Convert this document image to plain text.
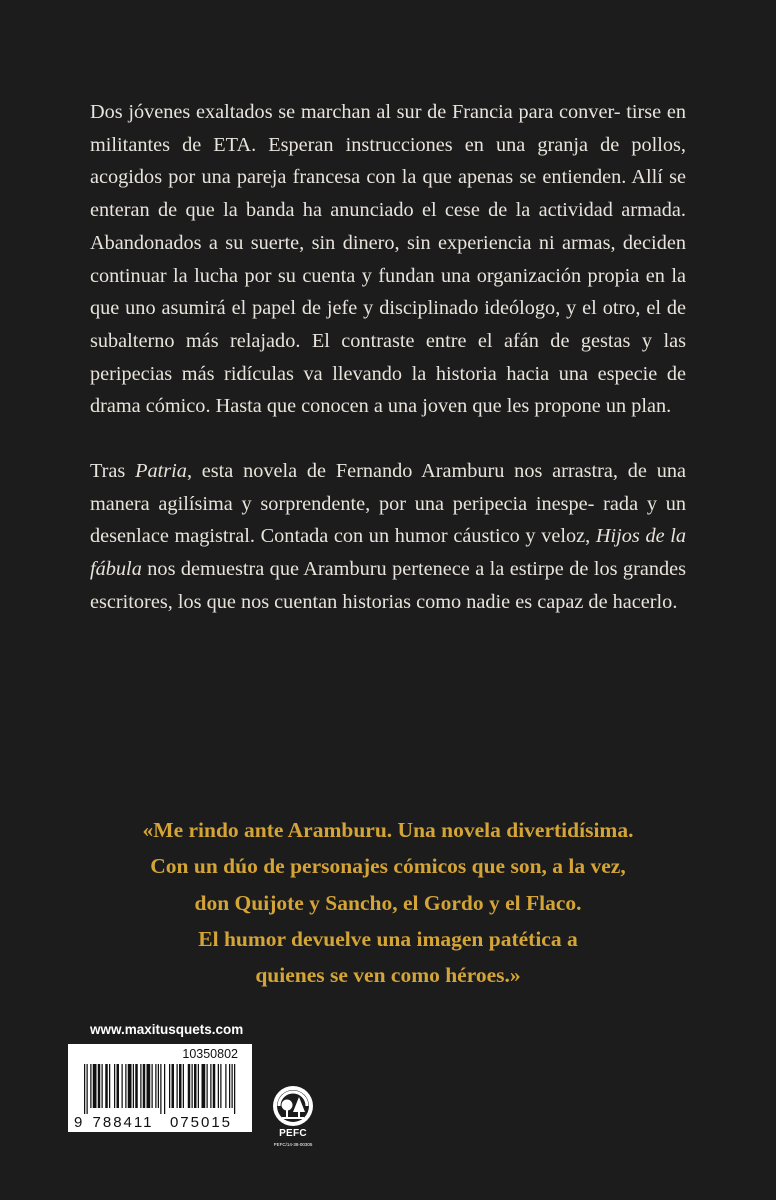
Dos jóvenes exaltados se marchan al sur de Francia para conver- tirse en militantes de ETA. Esperan instrucciones en una granja de pollos, acogidos por una pareja francesa con la que apenas se entienden. Allí se enteran de que la banda ha anunciado el cese de la actividad armada. Abandonados a su suerte, sin dinero, sin experiencia ni armas, deciden continuar la lucha por su cuenta y fundan una organización propia en la que uno asumirá el papel de jefe y disciplinado ideólogo, y el otro, el de subalterno más relajado. El contraste entre el afán de gestas y las peripecias más ridículas va llevando la historia hacia una especie de drama cómico. Hasta que conocen a una joven que les propone un plan.

Tras Patria, esta novela de Fernando Aramburu nos arrastra, de una manera agilísima y sorprendente, por una peripecia inespe- rada y un desenlace magistral. Contada con un humor cáustico y veloz, Hijos de la fábula nos demuestra que Aramburu pertenece a la estirpe de los grandes escritores, los que nos cuentan historias como nadie es capaz de hacerlo.

«Me rindo ante Aramburu. Una novela divertidísima.
Con un dúo de personajes cómicos que son, a la vez,
don Quijote y Sancho, el Gordo y el Flaco.
El humor devuelve una imagen patética a
quienes se ven como héroes.»
www.maxitusquets.com
10350802
9 788411 075015
PEFC
PEFC/14-38-00305
